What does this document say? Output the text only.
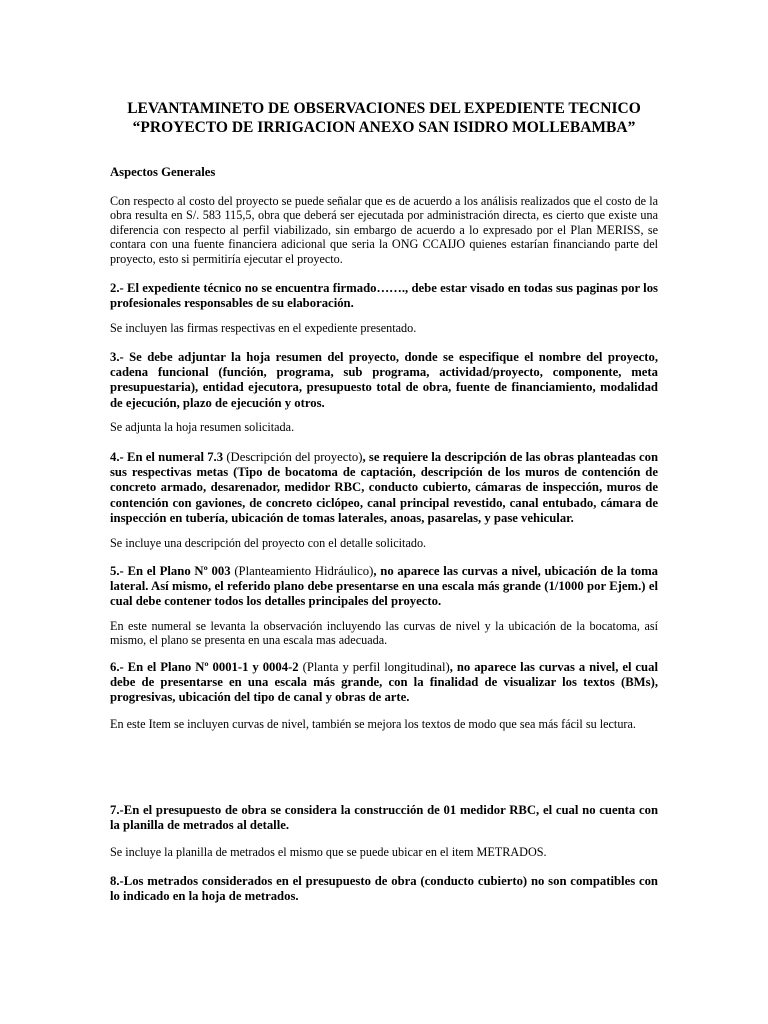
LEVANTAMINETO DE OBSERVACIONES DEL EXPEDIENTE TECNICO
“PROYECTO DE IRRIGACION ANEXO SAN ISIDRO MOLLEBAMBA”

Aspectos Generales

Con respecto al costo del proyecto se puede señalar que es de acuerdo a los análisis realizados que el costo de la obra resulta en S/. 583 115,5, obra que deberá ser ejecutada por administración directa, es cierto que existe una diferencia con respecto al perfil viabilizado, sin embargo de acuerdo a lo expresado por el Plan MERISS, se contara con una fuente financiera adicional que seria la ONG CCAIJO quienes estarían financiando parte del proyecto, esto si permitiría ejecutar el proyecto.

2.- El expediente técnico no se encuentra firmado……., debe estar visado en todas sus paginas por los profesionales responsables de su elaboración.

Se incluyen las firmas respectivas en el expediente presentado.

3.- Se debe adjuntar la hoja resumen del proyecto, donde se especifique el nombre del proyecto, cadena funcional (función, programa, sub programa, actividad/proyecto, componente, meta presupuestaria), entidad ejecutora, presupuesto total de obra, fuente de financiamiento, modalidad de ejecución, plazo de ejecución y otros.

Se adjunta la hoja resumen solicitada.

4.- En el numeral 7.3 (Descripción del proyecto), se requiere la descripción de las obras planteadas con sus respectivas metas (Tipo de bocatoma de captación, descripción de los muros de contención de concreto armado, desarenador, medidor RBC, conducto cubierto, cámaras de inspección, muros de contención con gaviones, de concreto ciclópeo, canal principal revestido, canal entubado, cámara de inspección en tubería, ubicación de tomas laterales, anoas, pasarelas, y pase vehicular.

Se incluye una descripción del proyecto con el detalle solicitado.

5.- En el Plano Nº 003 (Planteamiento Hidráulico), no aparece las curvas a nivel, ubicación de la toma lateral. Así mismo, el referido plano debe presentarse en una escala más grande (1/1000 por Ejem.) el cual debe contener todos los detalles principales del proyecto.

En este numeral se levanta la observación incluyendo las curvas de nivel y la ubicación de la bocatoma, así mismo, el plano se presenta en una escala mas adecuada.

6.- En el Plano Nº 0001-1 y 0004-2 (Planta y perfil longitudinal), no aparece las curvas a nivel, el cual debe de presentarse en una escala más grande, con la finalidad de visualizar los textos (BMs), progresivas, ubicación del tipo de canal y obras de arte.

En este Item se incluyen curvas de nivel, también se mejora los textos de modo que sea más fácil su lectura.

7.-En el presupuesto de obra se considera la construcción de 01 medidor RBC, el cual no cuenta con la planilla de metrados al detalle.

Se incluye la planilla de metrados el mismo que se puede ubicar en el item METRADOS.

8.-Los metrados considerados en el presupuesto de obra (conducto cubierto) no son compatibles con lo indicado en la hoja de metrados.
